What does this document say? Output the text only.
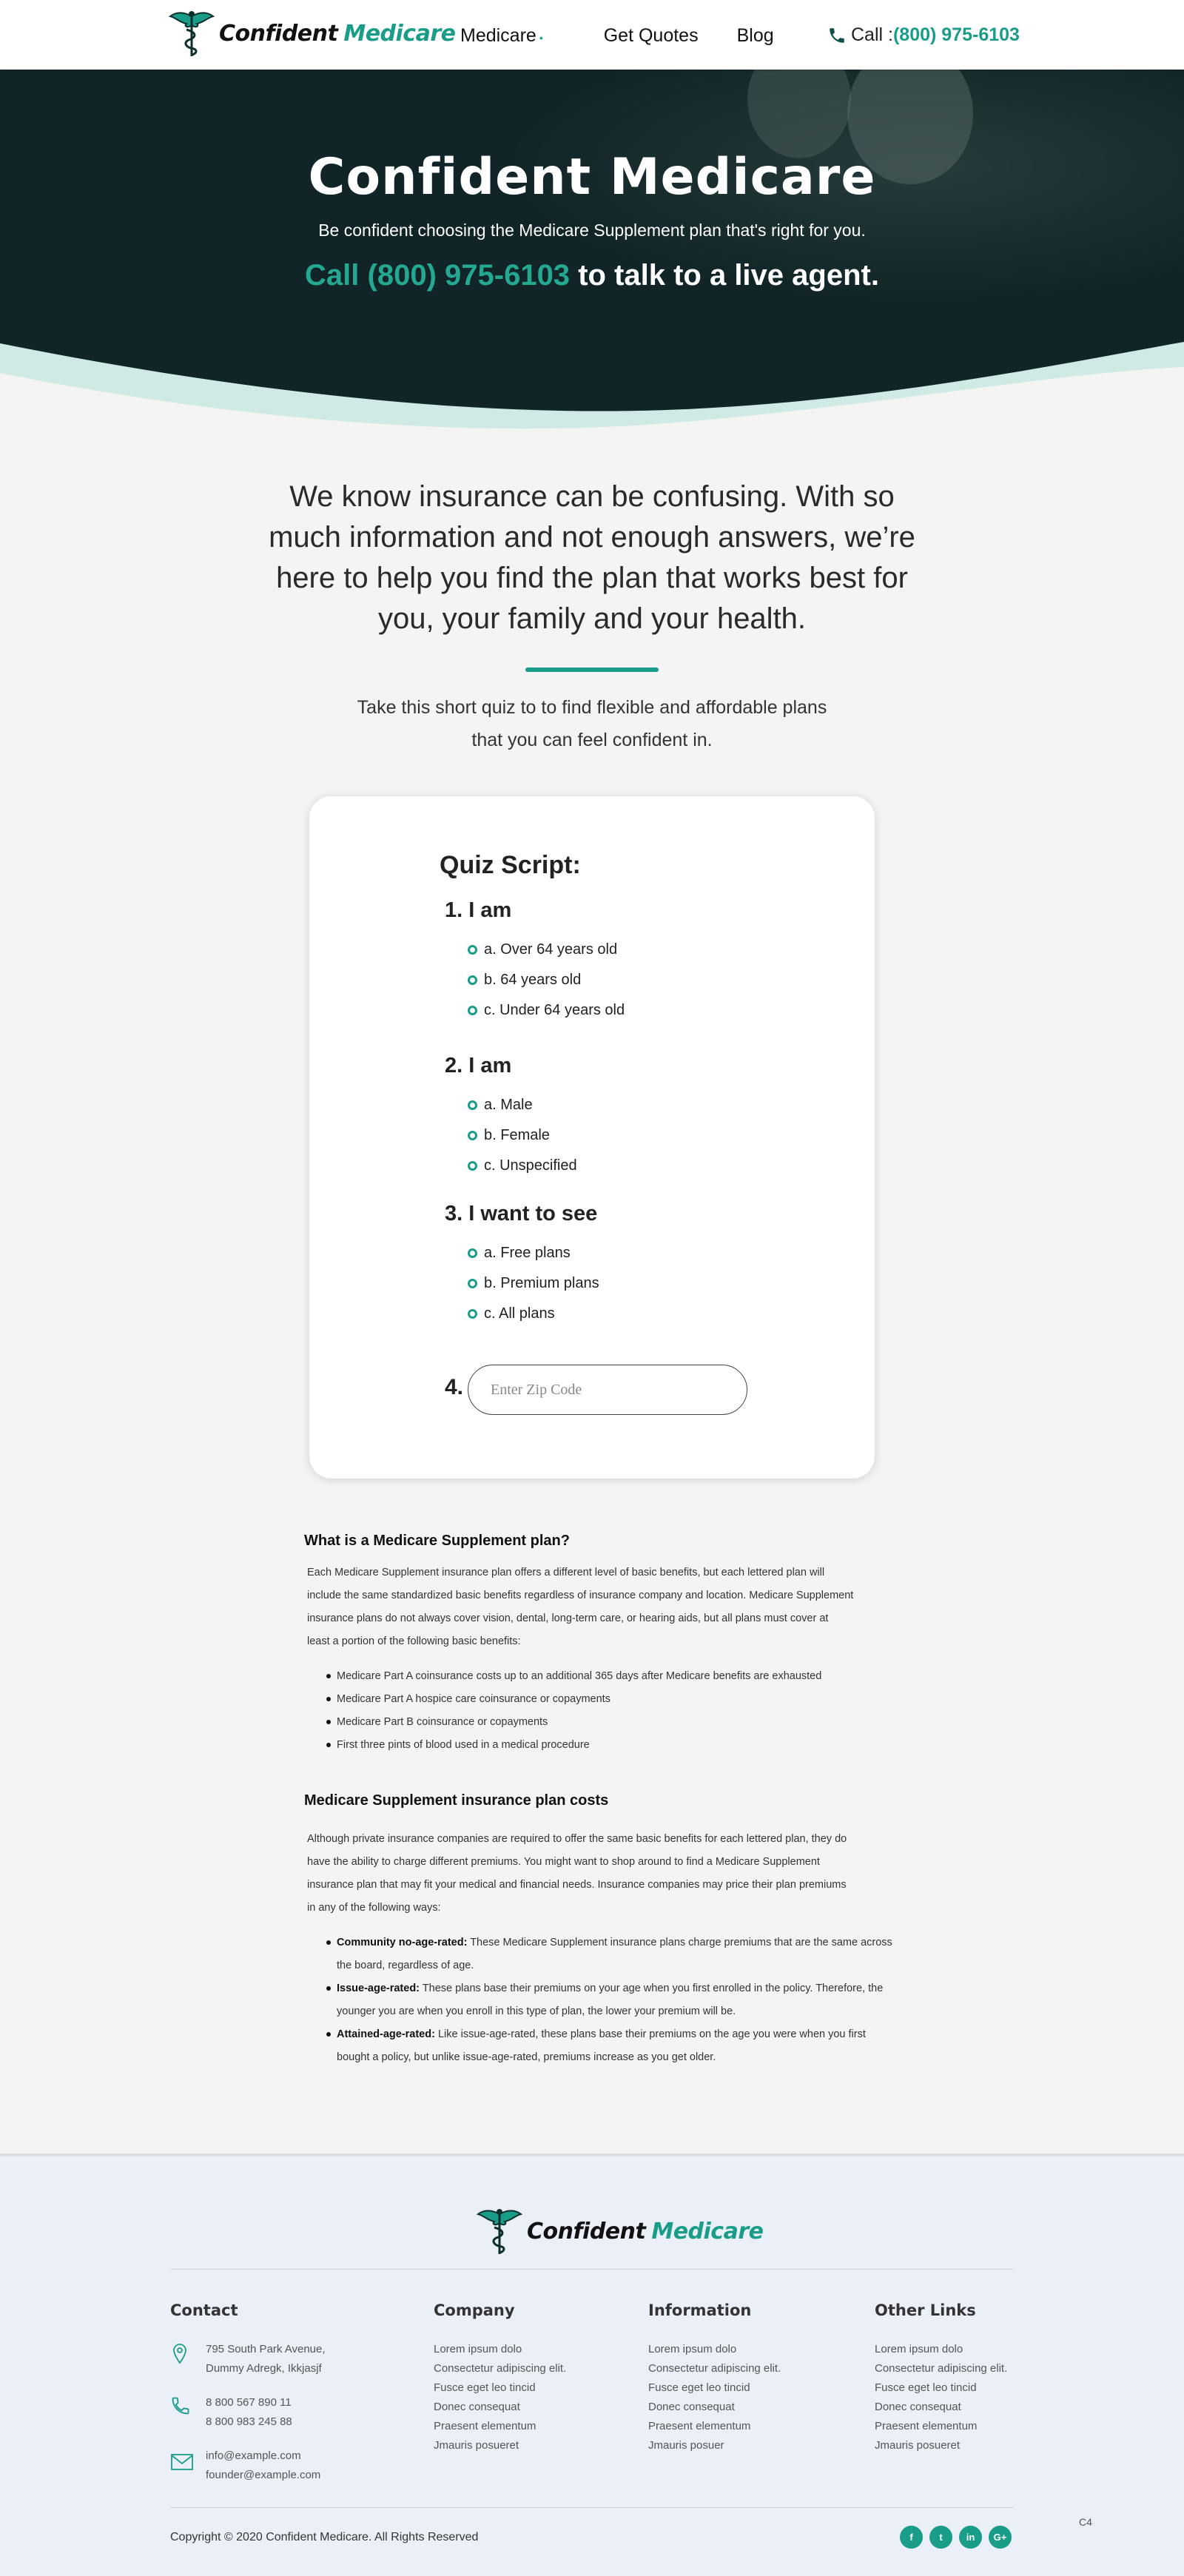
Confident Medicare Medicare •	Get Quotes Blog	Call : (800) 975-6103
Confident Medicare

Be confident choosing the Medicare Supplement plan that's right for you.

Call (800) 975-6103 to talk to a live agent.

We know insurance can be confusing. With so much information and not enough answers, we’re here to help you find the plan that works best for you, your family and your health.

Take this short quiz to to find flexible and affordable plans that you can feel confident in.

Quiz Script:
1. I am
a. Over 64 years old
b. 64 years old
c. Under 64 years old
2. I am
a. Male
b. Female
c. Unspecified
3. I want to see
a. Free plans
b. Premium plans
c. All plans
4.
Enter Zip Code
What is a Medicare Supplement plan?

Each Medicare Supplement insurance plan offers a different level of basic benefits, but each lettered plan will

include the same standardized basic benefits regardless of insurance company and location. Medicare Supplement

insurance plans do not always cover vision, dental, long-term care, or hearing aids, but all plans must cover at

least a portion of the following basic benefits:

Medicare Part A coinsurance costs up to an additional 365 days after Medicare benefits are exhausted
Medicare Part A hospice care coinsurance or copayments
Medicare Part B coinsurance or copayments
First three pints of blood used in a medical procedure
Medicare Supplement insurance plan costs

Although private insurance companies are required to offer the same basic benefits for each lettered plan, they do

have the ability to charge different premiums. You might want to shop around to find a Medicare Supplement

insurance plan that may fit your medical and financial needs. Insurance companies may price their plan premiums

in any of the following ways:

Community no-age-rated: These Medicare Supplement insurance plans charge premiums that are the same across
the board, regardless of age.
Issue-age-rated: These plans base their premiums on your age when you first enrolled in the policy. Therefore, the
younger you are when you enroll in this type of plan, the lower your premium will be.
Attained-age-rated: Like issue-age-rated, these plans base their premiums on the age you were when you first
bought a policy, but unlike issue-age-rated, premiums increase as you get older.
Confident Medicare
Contact
795 South Park Avenue,
Dummy Adregk, Ikkjasjf
8 800 567 890 11
8 800 983 245 88
info@example.com
founder@example.com
Company
Lorem ipsum dolo
Consectetur adipiscing elit.
Fusce eget leo tincid
Donec consequat
Praesent elementum
Jmauris posueret
Information
Lorem ipsum dolo
Consectetur adipiscing elit.
Fusce eget leo tincid
Donec consequat
Praesent elementum
Jmauris posuer
Other Links
Lorem ipsum dolo
Consectetur adipiscing elit.
Fusce eget leo tincid
Donec consequat
Praesent elementum
Jmauris posueret

Copyright © 2020 Confident Medicare. All Rights Reserved	f	t	in	G+
C4
